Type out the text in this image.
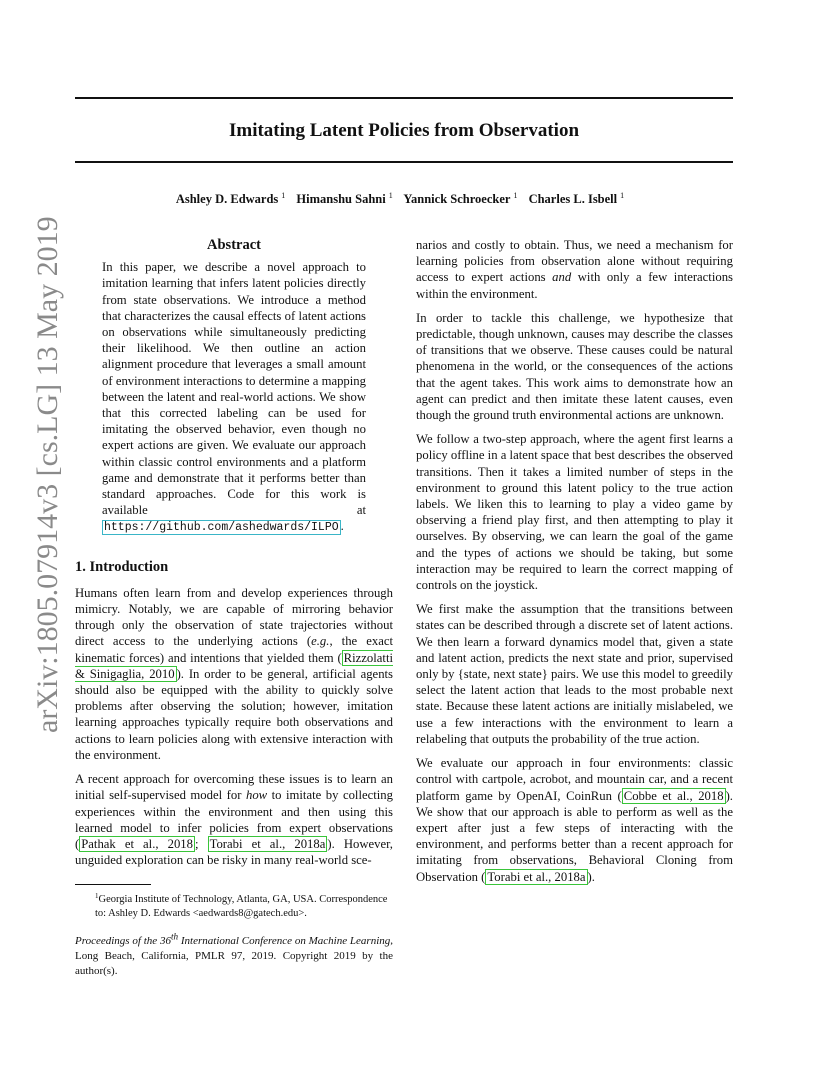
Imitating Latent Policies from Observation
Ashley D. Edwards $^1$ Himanshu Sahni $^1$ Yannick Schroecker $^1$ Charles L. Isbell $^1$
arXiv:1805.07914v3 [cs.LG] 13 May 2019	Abstract
In this paper, we describe a novel approach to imitation learning that infers latent policies directly from state observations. We introduce a method that characterizes the causal effects of latent actions on observations while simultaneously predicting their likelihood. We then outline an action alignment procedure that leverages a small amount of environment interactions to determine a mapping between the latent and real-world actions. We show that this corrected labeling can be used for imitating the observed behavior, even though no expert actions are given. We evaluate our approach within classic control environments and a platform game and demonstrate that it performs better than standard approaches. Code for this work is available at https://github.com/ashedwards/ILPO .
1. Introduction

Humans often learn from and develop experiences through mimicry. Notably, we are capable of mirroring behavior through only the observation of state trajectories without direct access to the underlying actions (e.g., the exact kinematic forces) and intentions that yielded them ( Rizzolatti & Sinigaglia, 2010 ). In order to be general, artificial agents should also be equipped with the ability to quickly solve problems after observing the solution; however, imitation learning approaches typically require both observations and actions to learn policies along with extensive interaction with the environment.

A recent approach for overcoming these issues is to learn an initial self-supervised model for how to imitate by collecting experiences within the environment and then using this learned model to infer policies from expert observations ( Pathak et al., 2018 ; Torabi et al., 2018a ). However, unguided exploration can be risky in many real-world sce-

$^1$Georgia Institute of Technology, Atlanta, GA, USA. Correspondence to: Ashley D. Edwards <aedwards8@gatech.edu>.
Proceedings of the 36th International Conference on Machine Learning, Long Beach, California, PMLR 97, 2019. Copyright 2019 by the author(s).

narios and costly to obtain. Thus, we need a mechanism for learning policies from observation alone without requiring access to expert actions and with only a few interactions within the environment.

In order to tackle this challenge, we hypothesize that predictable, though unknown, causes may describe the classes of transitions that we observe. These causes could be natural phenomena in the world, or the consequences of the actions that the agent takes. This work aims to demonstrate how an agent can predict and then imitate these latent causes, even though the ground truth environmental actions are unknown.

We follow a two-step approach, where the agent first learns a policy offline in a latent space that best describes the observed transitions. Then it takes a limited number of steps in the environment to ground this latent policy to the true action labels. We liken this to learning to play a video game by observing a friend play first, and then attempting to play it ourselves. By observing, we can learn the goal of the game and the types of actions we should be taking, but some interaction may be required to learn the correct mapping of controls on the joystick.

We first make the assumption that the transitions between states can be described through a discrete set of latent actions. We then learn a forward dynamics model that, given a state and latent action, predicts the next state and prior, supervised only by {state, next state} pairs. We use this model to greedily select the latent action that leads to the most probable next state. Because these latent actions are initially mislabeled, we use a few interactions with the environment to learn a relabeling that outputs the probability of the true action.

We evaluate our approach in four environments: classic control with cartpole, acrobot, and mountain car, and a recent platform game by OpenAI, CoinRun ( Cobbe et al., 2018 ). We show that our approach is able to perform as well as the expert after just a few steps of interacting with the environment, and performs better than a recent approach for imitating from observations, Behavioral Cloning from Observation ( Torabi et al., 2018a ).
